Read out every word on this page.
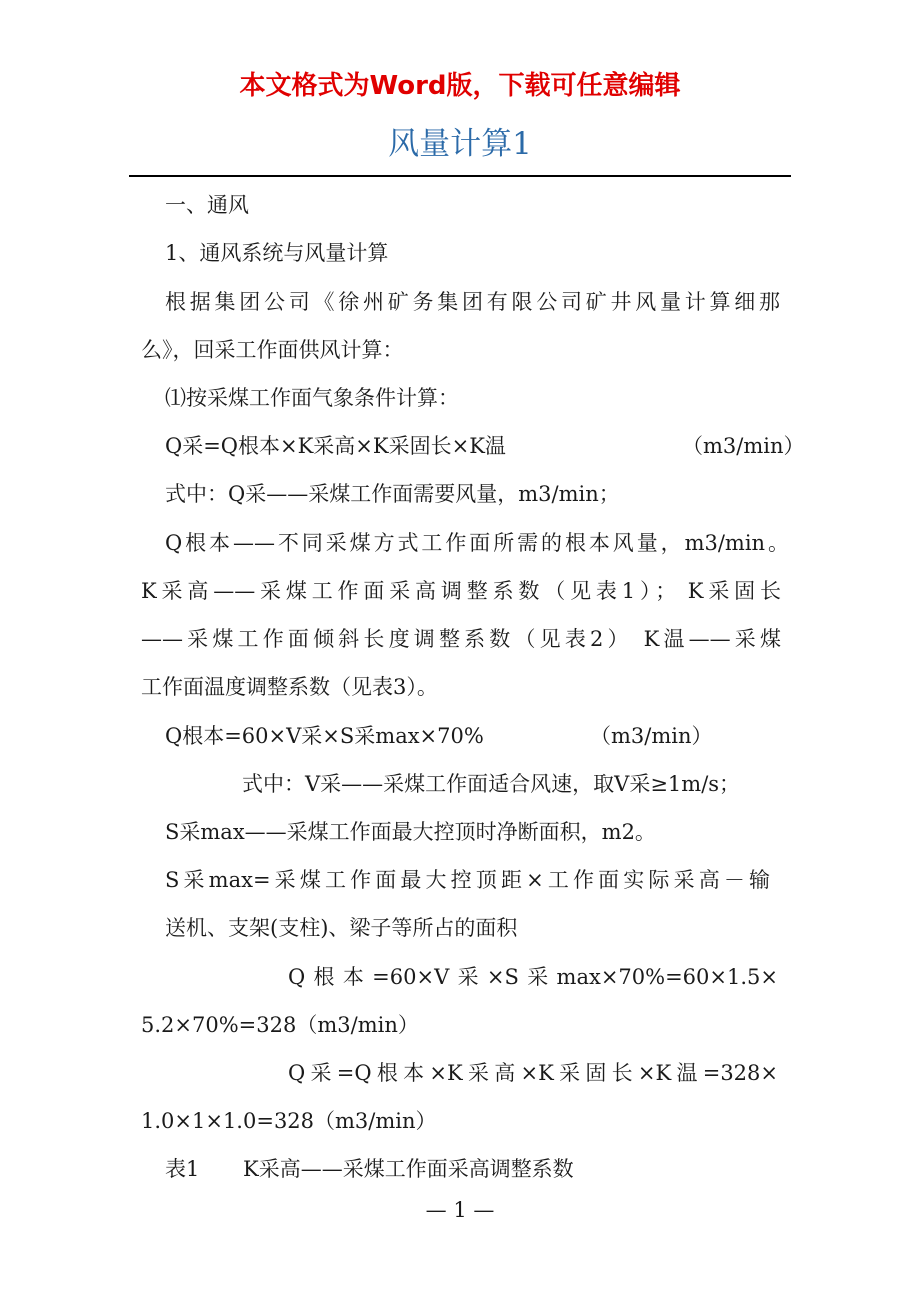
本文格式为Word版，下载可任意编辑
风量计算1

一、通风

1、通风系统与风量计算

根据集团公司《徐州矿务集团有限公司矿井风量计算细那

么》，回采工作面供风计算：

⑴按采煤工作面气象条件计算：

Q采=Q根本×K采高×K采固长×K温	（m3/min）

式中：Q采——采煤工作面需要风量，m3/min；

Q根本——不同采煤方式工作面所需的根本风量，m3/min。

K采高——采煤工作面采高调整系数（见表1）； K采固长

——采煤工作面倾斜长度调整系数（见表2） K温——采煤

工作面温度调整系数（见表3）。

Q根本=60×V采×S采max×70%	（m3/min）

式中：V采——采煤工作面适合风速，取V采≥1m/s；

S采max——采煤工作面最大控顶时净断面积，m2。

S采max=采煤工作面最大控顶距×工作面实际采高－输

送机、支架(支柱)、梁子等所占的面积

Q根本=60×V采×S采max×70%=60×1.5×

5.2×70%=328（m3/min）

Q采=Q根本×K采高×K采固长×K温=328×

1.0×1×1.0=328（m3/min）

表1 K采高——采煤工作面采高调整系数

— 1 —
